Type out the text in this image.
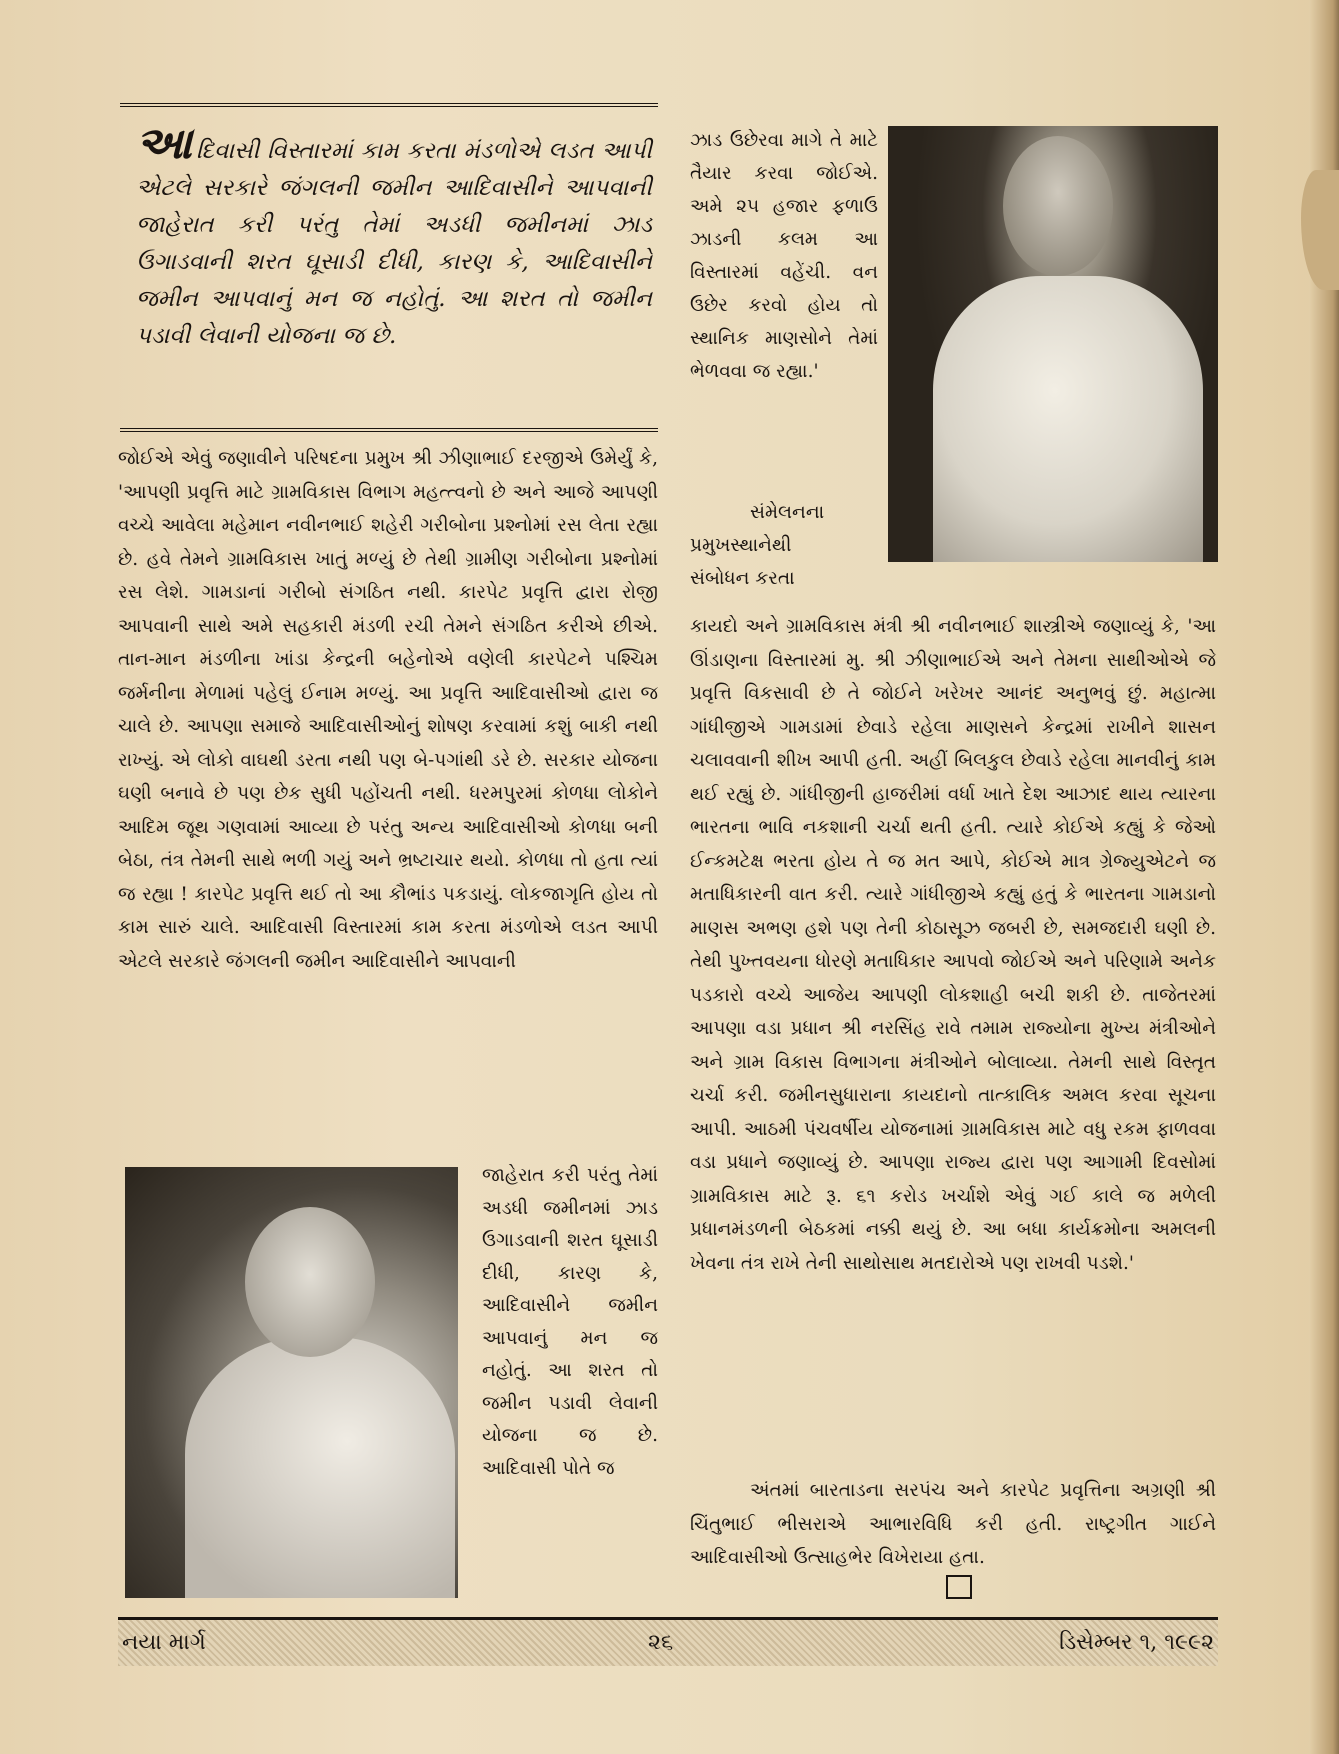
આદિવાસી વિસ્તારમાં કામ કરતા મંડળોએ લડત આપી એટલે સરકારે જંગલની જમીન આદિવાસીને આપવાની જાહેરાત કરી પરંતુ તેમાં અડધી જમીનમાં ઝાડ ઉગાડવાની શરત ઘૂસાડી દીધી, કારણ કે, આદિવાસીને જમીન આપવાનું મન જ નહોતું. આ શરત તો જમીન પડાવી લેવાની યોજના જ છે.

જોઈએ એવું જણાવીને પરિષદના પ્રમુખ શ્રી ઝીણાભાઈ દરજીએ ઉમેર્યું કે, 'આપણી પ્રવૃત્તિ માટે ગ્રામવિકાસ વિભાગ મહત્ત્વનો છે અને આજે આપણી વચ્ચે આવેલા મહેમાન નવીનભાઈ શહેરી ગરીબોના પ્રશ્નોમાં રસ લેતા રહ્યા છે. હવે તેમને ગ્રામવિકાસ ખાતું મળ્યું છે તેથી ગ્રામીણ ગરીબોના પ્રશ્નોમાં રસ લેશે. ગામડાનાં ગરીબો સંગઠિત નથી. કારપેટ પ્રવૃત્તિ દ્વારા રોજી આપવાની સાથે અમે સહકારી મંડળી રચી તેમને સંગઠિત કરીએ છીએ. તાન-માન મંડળીના ખાંડા કેન્દ્રની બહેનોએ વણેલી કારપેટને પશ્ચિમ જર્મનીના મેળામાં પહેલું ઈનામ મળ્યું. આ પ્રવૃત્તિ આદિવાસીઓ દ્વારા જ ચાલે છે. આપણા સમાજે આદિવાસીઓનું શોષણ કરવામાં કશું બાકી નથી રાખ્યું. એ લોકો વાઘથી ડરતા નથી પણ બે-પગાંથી ડરે છે. સરકાર યોજના ઘણી બનાવે છે પણ છેક સુધી પહોંચતી નથી. ધરમપુરમાં કોળધા લોકોને આદિમ જૂથ ગણવામાં આવ્યા છે પરંતુ અન્ય આદિવાસીઓ કોળધા બની બેઠા, તંત્ર તેમની સાથે ભળી ગયું અને ભ્રષ્ટાચાર થયો. કોળધા તો હતા ત્યાં જ રહ્યા ! કારપેટ પ્રવૃત્તિ થઈ તો આ કૌભાંડ પકડાયું. લોકજાગૃતિ હોય તો કામ સારું ચાલે. આદિવાસી વિસ્તારમાં કામ કરતા મંડળોએ લડત આપી એટલે સરકારે જંગલની જમીન આદિવાસીને આપવાની

જાહેરાત કરી પરંતુ તેમાં અડધી જમીનમાં ઝાડ ઉગાડવાની શરત ઘૂસાડી દીધી, કારણ કે, આદિવાસીને જમીન આપવાનું મન જ નહોતું. આ શરત તો જમીન પડાવી લેવાની યોજના જ છે. આદિવાસી પોતે જ

ઝાડ ઉછેરવા માગે તે માટે તૈયાર કરવા જોઈએ. અમે ૨૫ હજાર ફળાઉ ઝાડની કલમ આ વિસ્તારમાં વહેંચી. વન ઉછેર કરવો હોય તો સ્થાનિક માણસોને તેમાં ભેળવવા જ રહ્યા.'

સંમેલનના
પ્રમુખસ્થાનેથી
સંબોધન કરતા

કાયદો અને ગ્રામવિકાસ મંત્રી શ્રી નવીનભાઈ શાસ્ત્રીએ જણાવ્યું કે, 'આ ઊંડાણના વિસ્તારમાં મુ. શ્રી ઝીણાભાઈએ અને તેમના સાથીઓએ જે પ્રવૃત્તિ વિકસાવી છે તે જોઈને ખરેખર આનંદ અનુભવું છું. મહાત્મા ગાંધીજીએ ગામડામાં છેવાડે રહેલા માણસને કેન્દ્રમાં રાખીને શાસન ચલાવવાની શીખ આપી હતી. અહીં બિલકુલ છેવાડે રહેલા માનવીનું કામ થઈ રહ્યું છે. ગાંધીજીની હાજરીમાં વર્ધા ખાતે દેશ આઝાદ થાય ત્યારના ભારતના ભાવિ નકશાની ચર્ચા થતી હતી. ત્યારે કોઈએ કહ્યું કે જેઓ ઈન્કમટેક્ષ ભરતા હોય તે જ મત આપે, કોઈએ માત્ર ગ્રેજ્યુએટને જ મતાધિકારની વાત કરી. ત્યારે ગાંધીજીએ કહ્યું હતું કે ભારતના ગામડાનો માણસ અભણ હશે પણ તેની કોઠાસૂઝ જબરી છે, સમજદારી ઘણી છે. તેથી પુખ્તવયના ધોરણે મતાધિકાર આપવો જોઈએ અને પરિણામે અનેક પડકારો વચ્ચે આજેય આપણી લોકશાહી બચી શકી છે. તાજેતરમાં આપણા વડા પ્રધાન શ્રી નરસિંહ રાવે તમામ રાજ્યોના મુખ્ય મંત્રીઓને અને ગ્રામ વિકાસ વિભાગના મંત્રીઓને બોલાવ્યા. તેમની સાથે વિસ્તૃત ચર્ચા કરી. જમીનસુધારાના કાયદાનો તાત્કાલિક અમલ કરવા સૂચના આપી. આઠમી પંચવર્ષીય યોજનામાં ગ્રામવિકાસ માટે વધુ રકમ ફાળવવા વડા પ્રધાને જણાવ્યું છે. આપણા રાજ્ય દ્વારા પણ આગામી દિવસોમાં ગ્રામવિકાસ માટે રૂ. ૬૧ કરોડ ખર્ચાશે એવું ગઈ કાલે જ મળેલી પ્રધાનમંડળની બેઠકમાં નક્કી થયું છે. આ બધા કાર્યક્રમોના અમલની ખેવના તંત્ર રાખે તેની સાથોસાથ મતદારોએ પણ રાખવી પડશે.'

અંતમાં બારતાડના સરપંચ અને કારપેટ પ્રવૃત્તિના અગ્રણી શ્રી ચિંતુભાઈ ભીસરાએ આભારવિધિ કરી હતી. રાષ્ટ્રગીત ગાઈને આદિવાસીઓ ઉત્સાહભેર વિખેરાયા હતા.

નયા માર્ગ	૨૬	ડિસેમ્બર ૧, ૧૯૯૨
